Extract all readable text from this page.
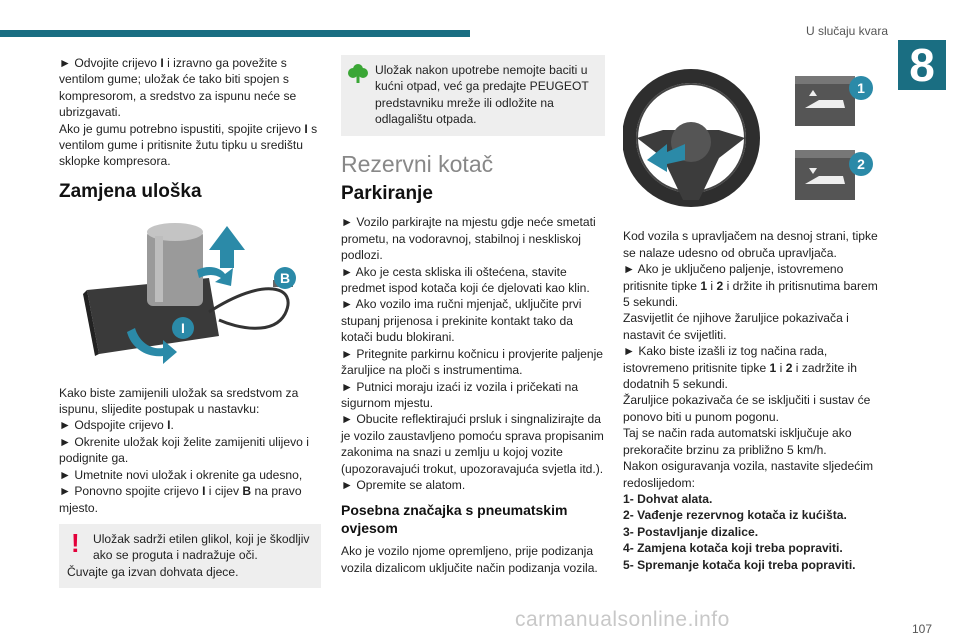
U slučaju kvara
8

► Odvojite crijevo I i izravno ga povežite s ventilom gume; uložak će tako biti spojen s kompresorom, a sredstvo za ispunu neće se ubrizgavati.

Ako je gumu potrebno ispustiti, spojite crijevo I s ventilom gume i pritisnite žutu tipku u središtu sklopke kompresora.

Zamjena uloška
B
I

Kako biste zamijenili uložak sa sredstvom za ispunu, slijedite postupak u nastavku:

► Odspojite crijevo I.

► Okrenite uložak koji želite zamijeniti ulijevo i podignite ga.

► Umetnite novi uložak i okrenite ga udesno,

► Ponovno spojite crijevo I i cijev B na pravo mjesto.

!	Uložak sadrži etilen glikol, koji je škodljiv ako se proguta i nadražuje oči.

Čuvajte ga izvan dohvata djece.

Uložak nakon upotrebe nemojte baciti u kućni otpad, već ga predajte PEUGEOT predstavniku mreže ili odložite na odlagalištu otpada.

Rezervni kotač
Parkiranje

► Vozilo parkirajte na mjestu gdje neće smetati prometu, na vodoravnoj, stabilnoj i neskliskoj podlozi.

► Ako je cesta skliska ili oštećena, stavite predmet ispod kotača koji će djelovati kao klin.

► Ako vozilo ima ručni mjenjač, uključite prvi stupanj prijenosa i prekinite kontakt tako da kotači budu blokirani.

► Pritegnite parkirnu kočnicu i provjerite paljenje žaruljice na ploči s instrumentima.

► Putnici moraju izaći iz vozila i pričekati na sigurnom mjestu.

► Obucite reflektirajući prsluk i singnalizirajte da je vozilo zaustavljeno pomoću sprava propisanim zakonima na snazi u zemlju u kojoj vozite (upozoravajući trokut, upozoravajuća svjetla itd.).

► Opremite se alatom.

Posebna značajka s pneumatskim ovjesom

Ako je vozilo njome opremljeno, prije podizanja vozila dizalicom uključite način podizanja vozila.

1
2

Kod vozila s upravljačem na desnoj strani, tipke se nalaze udesno od obruča upravljača.

► Ako je uključeno paljenje, istovremeno pritisnite tipke 1 i 2 i držite ih pritisnutima barem 5 sekundi.

Zasvijetlit će njihove žaruljice pokazivača i nastavit će svijetliti.

► Kako biste izašli iz tog načina rada, istovremeno pritisnite tipke 1 i 2 i zadržite ih dodatnih 5 sekundi.

Žaruljice pokazivača će se isključiti i sustav će ponovo biti u punom pogonu.

Taj se način rada automatski isključuje ako prekoračite brzinu za približno 5 km/h.

Nakon osiguravanja vozila, nastavite sljedećim redoslijedom:

1- Dohvat alata.
2- Vađenje rezervnog kotača iz kućišta.
3- Postavljanje dizalice.
4- Zamjena kotača koji treba popraviti.
5- Spremanje kotača koji treba popraviti.
carmanualsonline.info	107
